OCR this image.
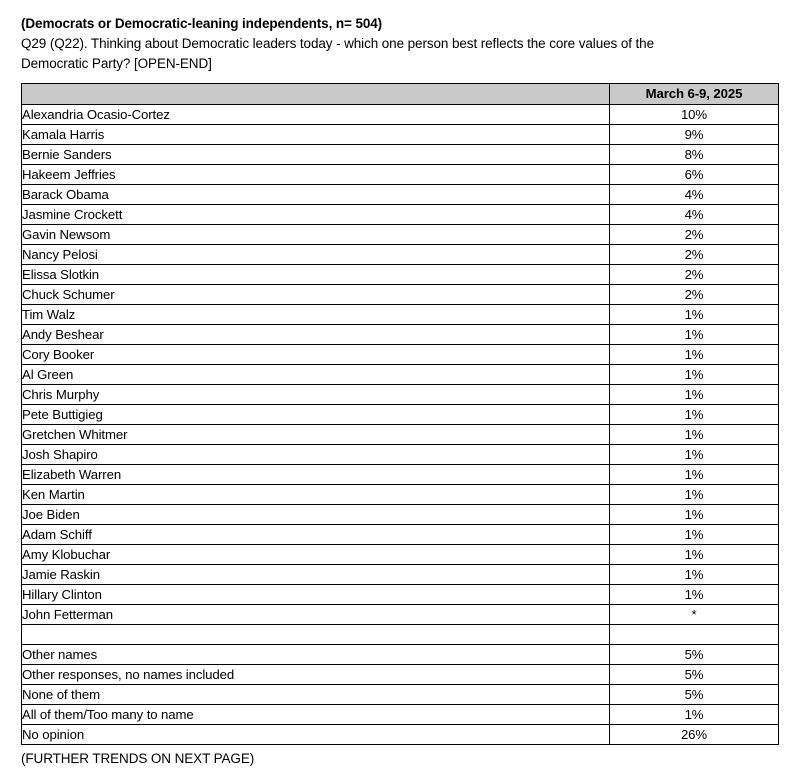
(Democrats or Democratic-leaning independents, n= 504)
Q29 (Q22). Thinking about Democratic leaders today - which one person best reflects the core values of the Democratic Party? [OPEN-END]
	March 6-9, 2025
Alexandria Ocasio-Cortez	10%
Kamala Harris	9%
Bernie Sanders	8%
Hakeem Jeffries	6%
Barack Obama	4%
Jasmine Crockett	4%
Gavin Newsom	2%
Nancy Pelosi	2%
Elissa Slotkin	2%
Chuck Schumer	2%
Tim Walz	1%
Andy Beshear	1%
Cory Booker	1%
Al Green	1%
Chris Murphy	1%
Pete Buttigieg	1%
Gretchen Whitmer	1%
Josh Shapiro	1%
Elizabeth Warren	1%
Ken Martin	1%
Joe Biden	1%
Adam Schiff	1%
Amy Klobuchar	1%
Jamie Raskin	1%
Hillary Clinton	1%
John Fetterman	*

Other names	5%
Other responses, no names included	5%
None of them	5%
All of them/Too many to name	1%
No opinion	26%
(FURTHER TRENDS ON NEXT PAGE)
